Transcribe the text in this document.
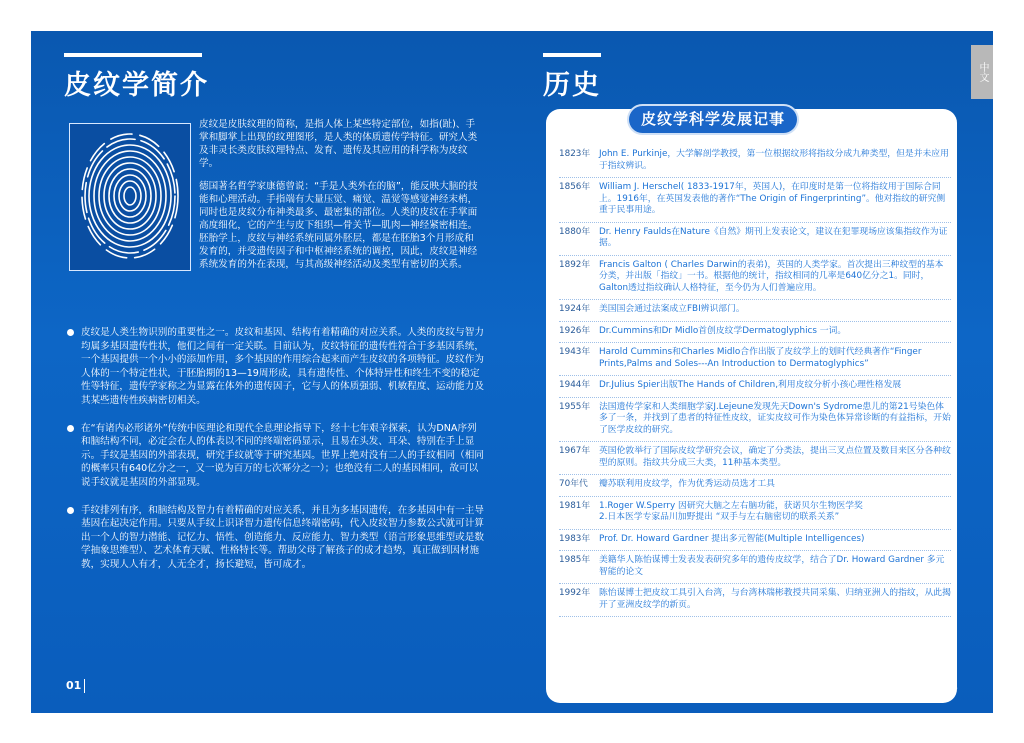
皮纹学简介

皮纹是皮肤纹理的简称，是指人体上某些特定部位，如指(趾)、手掌和脚掌上出现的纹理图形，是人类的体质遗传学特征。研究人类及非灵长类皮肤纹理特点、发育、遗传及其应用的科学称为皮纹学。

德国著名哲学家康德曾说：“手是人类外在的脑”，能反映大脑的技能和心理活动。手指端有大量压觉、痛觉、温觉等感觉神经末梢，同时也是皮纹分布神类最多、最密集的部位。人类的皮纹在手掌面高度细化，它的产生与皮下组织—骨关节—肌肉—神经紧密相连。胚胎学上，皮纹与神经系统同属外胚层，都是在胚胎3个月形成和发育的，并受遗传因子和中枢神经系统的调控，因此，皮纹是神经系统发育的外在表现，与其高级神经活动及类型有密切的关系。

皮纹是人类生物识别的重要性之一。皮纹和基因、结构有着精确的对应关系。人类的皮纹与智力均属多基因遗传性状，他们之间有一定关联。目前认为，皮纹特征的遗传性符合于多基因系统，一个基因提供一个小小的添加作用，多个基因的作用综合起来而产生皮纹的各项特征。皮纹作为人体的一个特定性状，于胚胎期的13—19周形成，具有遗传性、个体特异性和终生不变的稳定性等特征，遗传学家称之为显露在体外的遗传因子，它与人的体质强弱、机敏程度、运动能力及其某些遗传性疾病密切相关。
在“有诸内必形诸外”传统中医理论和现代全息理论指导下，经十七年艰辛探索，认为DNA序列和脑结构不同，必定会在人的体表以不同的终端密码显示，且易在头发、耳朵、特别在手上显示。手纹是基因的外部表现，研究手纹就等于研究基因。世界上绝对没有二人的手纹相同（相同的概率只有640亿分之一，又一说为百万的七次幂分之一）；也绝没有二人的基因相同，故可以说手纹就是基因的外部显现。
手纹排列有序，和脑结构及智力有着精确的对应关系，并且为多基因遗传，在多基因中有一主导基因在起决定作用。只要从手纹上识译智力遗传信息终端密码，代入皮纹智力参数公式就可计算出一个人的智力潜能、记忆力、悟性、创造能力、反应能力、智力类型（语言形象思维型或是数学抽象思维型）、艺术体育天赋、性格特长等。帮助父母了解孩子的成才趋势，真正做到因材施教，实现人人有才，人无全才，扬长避短，皆可成才。
01
历史	中文
皮纹学科学发展记事
1823年	John E. Purkinje，大学解剖学教授，第一位根据纹形将指纹分成九种类型，但是并未应用于指纹辨识。
1856年	William J. Herschel( 1833-1917年，英国人)，在印度时是第一位将指纹用于国际合同上。1916年，在英国发表他的著作“The Origin of Fingerprinting”。他对指纹的研究侧重于民事用途。
1880年	Dr. Henry Faulds在Nature《自然》期刊上发表论文，建议在犯罪现场应该集指纹作为证据。
1892年	Francis Galton ( Charles Darwin的表弟)，英国的人类学家。首次提出三种纹型的基本分类，并出版「指纹」一书。根据他的统计，指纹相同的几率是640亿分之1。同时，Galton透过指纹确认人格特征，至今仍为人们普遍应用。
1924年	美国国会通过法案成立FBI辨识部门。
1926年	Dr.Cummins和Dr Midlo首创皮纹学Dermatoglyphics 一词。
1943年	Harold Cummins和Charles Midlo合作出版了皮纹学上的划时代经典著作“Finger Prints,Palms and Soles---An Introduction to Dermatoglyphics”
1944年	Dr.Julius Spier出版The Hands of Children,利用皮纹分析小孩心理性格发展
1955年	法国遗传学家和人类细胞学家J.Lejeune发现先天Down's Sydrome患儿的第21号染色体多了一条，并找到了患者的特征性皮纹，证实皮纹可作为染色体异常诊断的有益指标，开始了医学皮纹的研究。
1967年	英国伦敦举行了国际皮纹学研究会议，确定了分类法，提出三叉点位置及数目来区分各种纹型的原则。指纹共分成三大类，11种基本类型。
70年代	瓣苏联利用皮纹学，作为优秀运动员选才工具
1981年	1.Roger W.Sperry 因研究大脑之左右脑功能，获诺贝尔生物医学奖
2.日本医学专家品川加野提出 “双手与左右脑密切的联系关系”
1983年	Prof. Dr. Howard Gardner 提出多元智能(Multiple Intelligences)
1985年	美籍华人陈怡谋博士发表发表研究多年的遗传皮纹学，结合了Dr. Howard Gardner 多元智能的论文
1992年	陈怡谋博士把皮纹工具引入台湾，与台湾林瑞彬教授共同采集、归纳亚洲人的指纹，从此揭开了亚洲皮纹学的新页。
02
